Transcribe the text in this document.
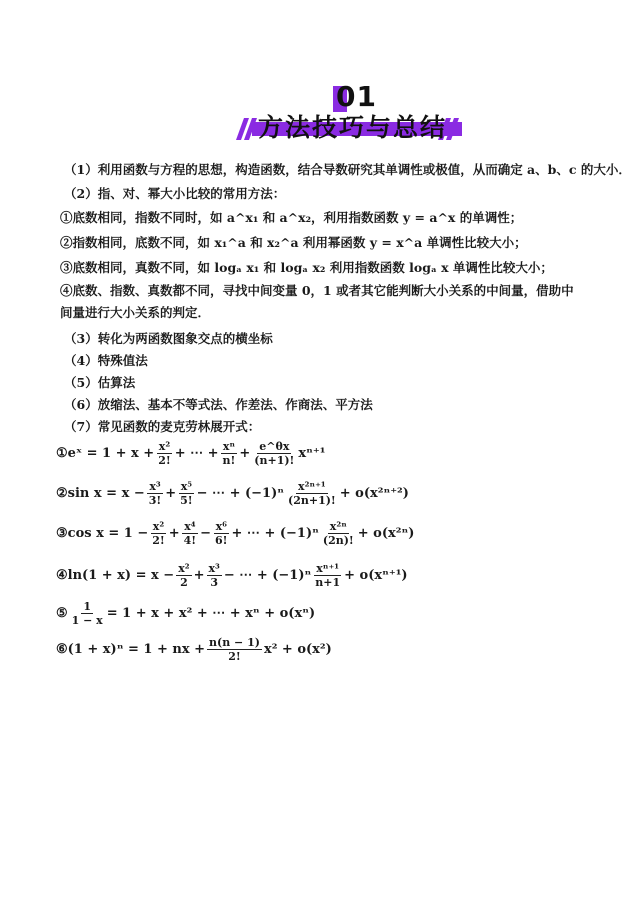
01
方法技巧与总结
（1）利用函数与方程的思想，构造函数，结合导数研究其单调性或极值，从而确定 a、b、c 的大小．
（2）指、对、幂大小比较的常用方法：
①底数相同，指数不同时，如 a^x₁ 和 a^x₂，利用指数函数 y = a^x 的单调性；
②指数相同，底数不同，如 x₁^a 和 x₂^a 利用幂函数 y = x^a 单调性比较大小；
③底数相同，真数不同，如 logₐ x₁ 和 logₐ x₂ 利用指数函数 logₐ x 单调性比较大小；
④底数、指数、真数都不同，寻找中间变量 0，1 或者其它能判断大小关系的中间量，借助中间量进行大小关系的判定．
（3）转化为两函数图象交点的横坐标
（4）特殊值法
（5）估算法
（6）放缩法、基本不等式法、作差法、作商法、平方法
（7）常见函数的麦克劳林展开式：
①eˣ = $1 + x + \frac{\text{x²}}{2!}$ + ⋯ + $\frac{\text{xⁿ}}{n!} + \frac{e\^{}\theta x}{(n+1)!} x^{n+1}$
②sin $x = x - \frac{\text{x³}}{3!} + \frac{\text{x⁵}}{5!}$ − ⋯ + $(-1)^n \frac{\text{x²ⁿ⁺¹}}{(2n+1)!} + o(x^{2n+2})$
③cos $x = 1 - \frac{\text{x²}}{2!} + \frac{\text{x⁴}}{4!} - \frac{\text{x⁶}}{6!}$ + ⋯ + $(-1)^n \frac{\text{x²ⁿ}}{(2n)!} + o(x^{2n})$
④ln(1 + $x) = x - \frac{\text{x²}}{2} + \frac{\text{x³}}{3}$ − ⋯ + $(-1)^n \frac{\text{xⁿ⁺¹}}{n+1} + o(x^{n+1})$
⑤ $\frac{1}{1 - x} = 1 + x + x^2$ + ⋯ + xⁿ + o(xⁿ)
⑥(1 + x)ⁿ = 1 + nx + $\frac{n(n - 1)}{2!} x^2 + o(x^2)$
